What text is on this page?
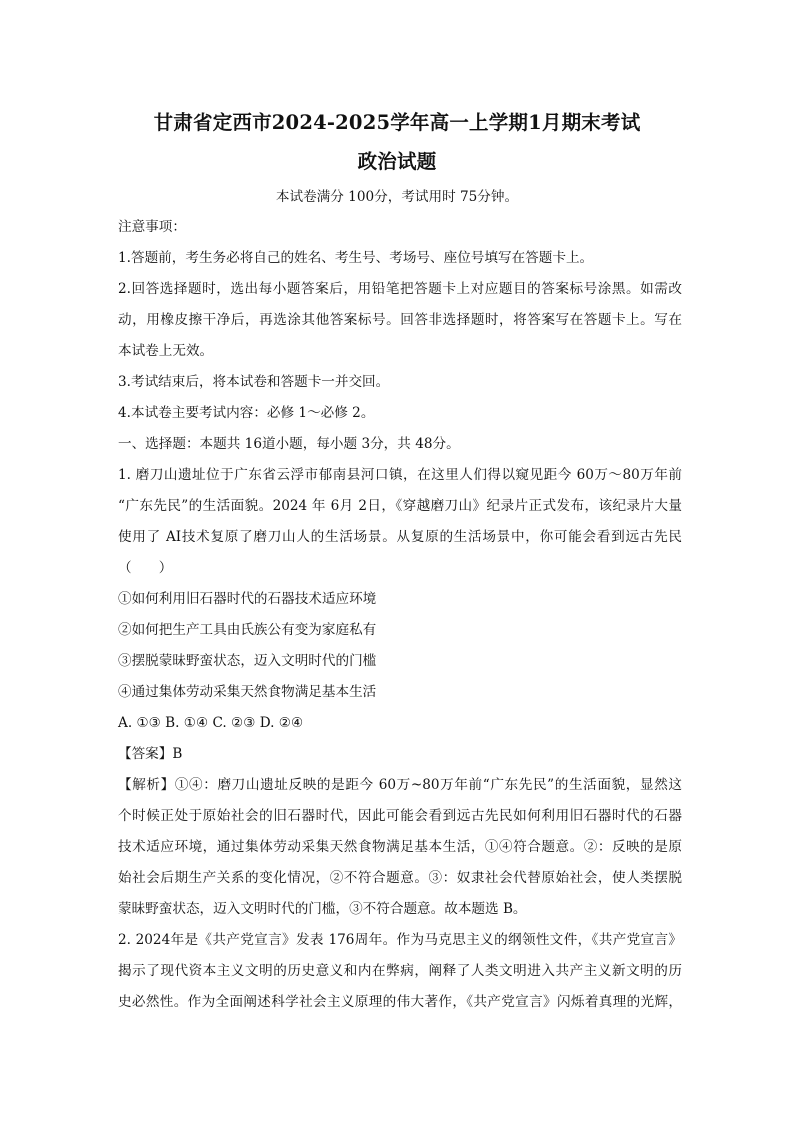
甘肃省定西市2024-2025学年高一上学期1月期末考试
政治试题
本试卷满分 100分，考试用时 75分钟。
注意事项：
1.答题前，考生务必将自己的姓名、考生号、考场号、座位号填写在答题卡上。
2.回答选择题时，选出每小题答案后，用铅笔把答题卡上对应题目的答案标号涂黑。如需改
动，用橡皮擦干净后，再选涂其他答案标号。回答非选择题时，将答案写在答题卡上。写在
本试卷上无效。
3.考试结束后，将本试卷和答题卡一并交回。
4.本试卷主要考试内容：必修 1～必修 2。
一、选择题：本题共 16道小题，每小题 3分，共 48分。
1. 磨刀山遗址位于广东省云浮市郁南县河口镇，在这里人们得以窥见距今 60万～80万年前
“广东先民”的生活面貌。2024 年 6月 2日，《穿越磨刀山》纪录片正式发布，该纪录片大量
使用了 AI技术复原了磨刀山人的生活场景。从复原的生活场景中，你可能会看到远古先民
（　　）
①如何利用旧石器时代的石器技术适应环境
②如何把生产工具由氏族公有变为家庭私有
③摆脱蒙昧野蛮状态，迈入文明时代的门槛
④通过集体劳动采集天然食物满足基本生活
A. ①③ B. ①④ C. ②③ D. ②④
【答案】B
【解析】①④：磨刀山遗址反映的是距今 60万~80万年前“广东先民”的生活面貌，显然这
个时候正处于原始社会的旧石器时代，因此可能会看到远古先民如何利用旧石器时代的石器
技术适应环境，通过集体劳动采集天然食物满足基本生活，①④符合题意。②：反映的是原
始社会后期生产关系的变化情况，②不符合题意。③：奴隶社会代替原始社会，使人类摆脱
蒙昧野蛮状态，迈入文明时代的门槛，③不符合题意。故本题选 B。
2. 2024年是《共产党宣言》发表 176周年。作为马克思主义的纲领性文件，《共产党宣言》
揭示了现代资本主义文明的历史意义和内在弊病，阐释了人类文明进入共产主义新文明的历
史必然性。作为全面阐述科学社会主义原理的伟大著作，《共产党宣言》闪烁着真理的光辉，
